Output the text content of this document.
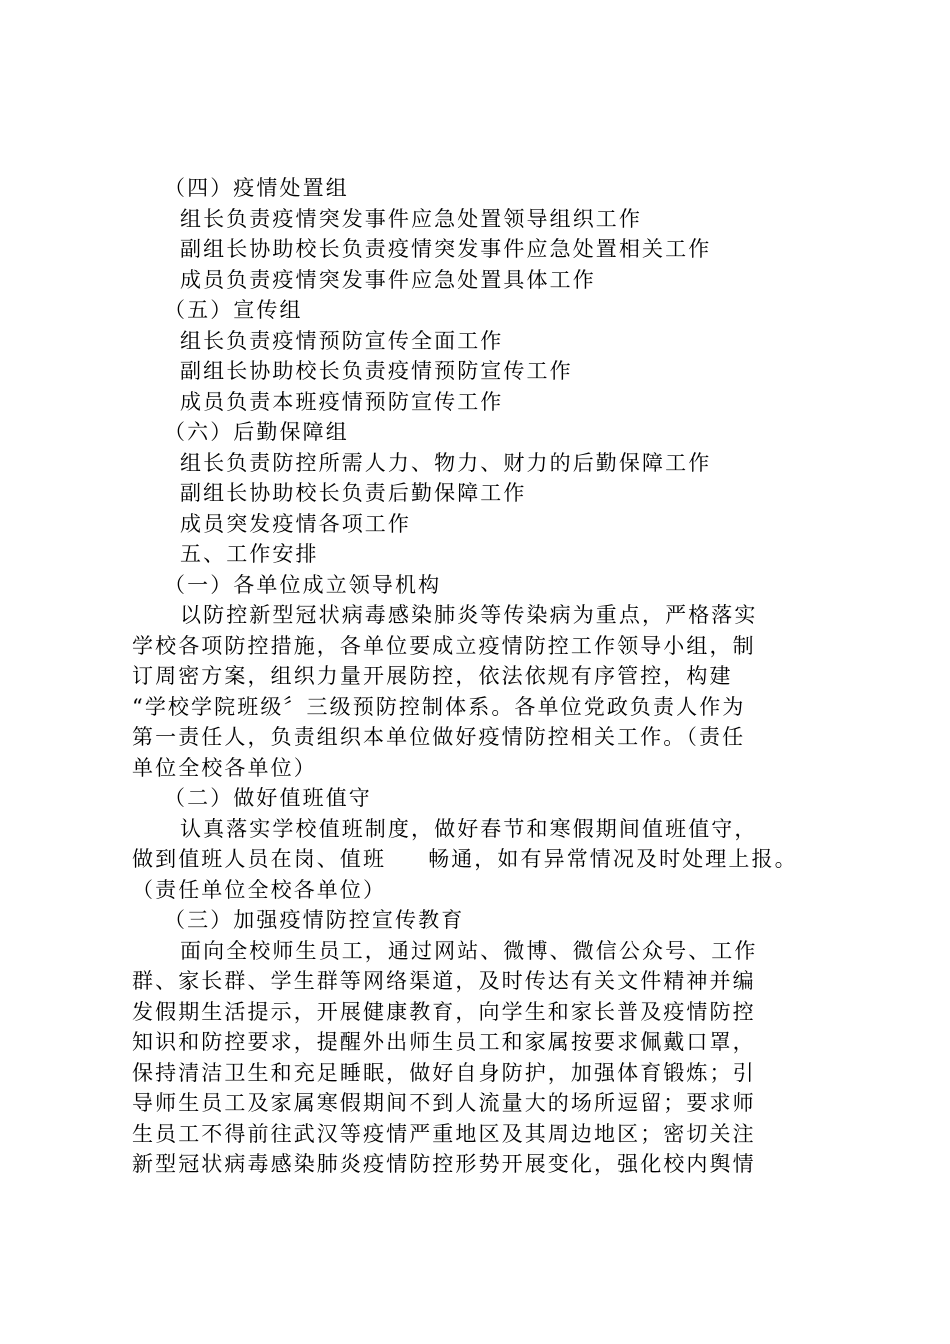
（四）疫情处置组
组长负责疫情突发事件应急处置领导组织工作
副组长协助校长负责疫情突发事件应急处置相关工作
成员负责疫情突发事件应急处置具体工作
（五）宣传组
组长负责疫情预防宣传全面工作
副组长协助校长负责疫情预防宣传工作
成员负责本班疫情预防宣传工作
（六）后勤保障组
组长负责防控所需人力、物力、财力的后勤保障工作
副组长协助校长负责后勤保障工作
成员突发疫情各项工作
五、工作安排
（一）各单位成立领导机构
以防控新型冠状病毒感染肺炎等传染病为重点，严格落实
学校各项防控措施，各单位要成立疫情防控工作领导小组，制
订周密方案，组织力量开展防控，依法依规有序管控，构建
“学校学院班级〞三级预防控制体系。各单位党政负责人作为
第一责任人，负责组织本单位做好疫情防控相关工作。（责任
单位全校各单位）
（二）做好值班值守
认真落实学校值班制度，做好春节和寒假期间值班值守，
做到值班人员在岗、值班 畅通，如有异常情况及时处理上报。
（责任单位全校各单位）
（三）加强疫情防控宣传教育
面向全校师生员工，通过网站、微博、微信公众号、工作
群、家长群、学生群等网络渠道，及时传达有关文件精神并编
发假期生活提示，开展健康教育，向学生和家长普及疫情防控
知识和防控要求，提醒外出师生员工和家属按要求佩戴口罩，
保持清洁卫生和充足睡眠，做好自身防护，加强体育锻炼；引
导师生员工及家属寒假期间不到人流量大的场所逗留；要求师
生员工不得前往武汉等疫情严重地区及其周边地区；密切关注
新型冠状病毒感染肺炎疫情防控形势开展变化，强化校内舆情
